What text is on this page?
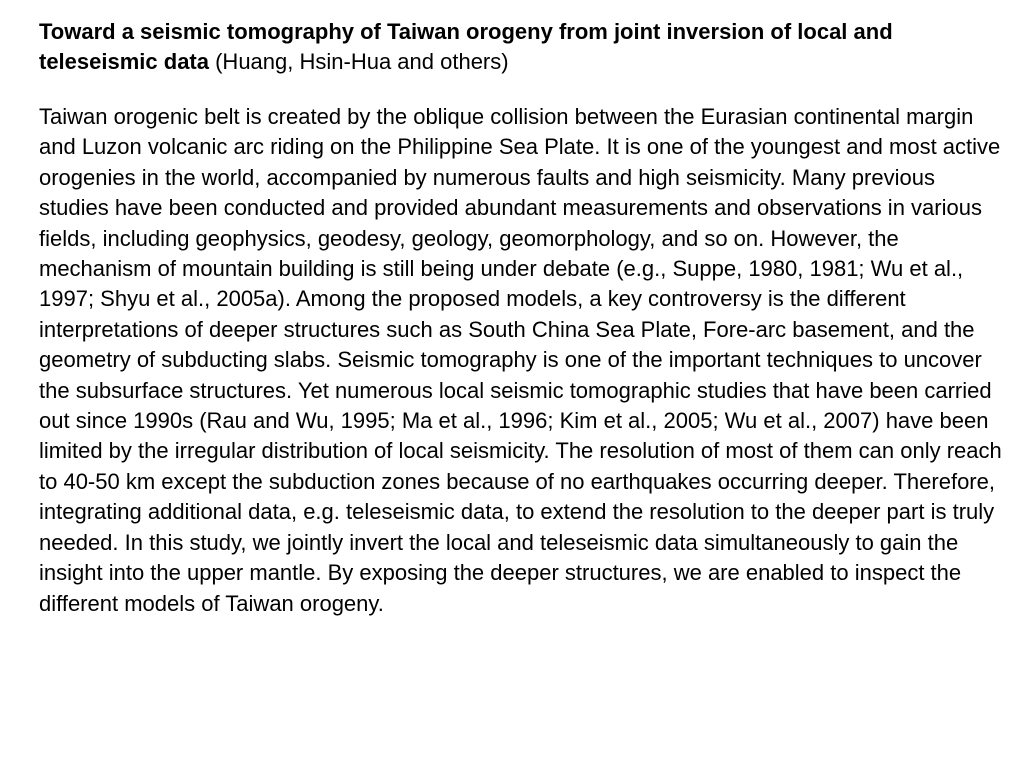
Toward a seismic tomography of Taiwan orogeny from joint inversion of local and teleseismic data (Huang, Hsin-Hua and others)

Taiwan orogenic belt is created by the oblique collision between the Eurasian continental margin and Luzon volcanic arc riding on the Philippine Sea Plate. It is one of the youngest and most active orogenies in the world, accompanied by numerous faults and high seismicity. Many previous studies have been conducted and provided abundant measurements and observations in various fields, including geophysics, geodesy, geology, geomorphology, and so on. However, the mechanism of mountain building is still being under debate (e.g., Suppe, 1980, 1981; Wu et al., 1997; Shyu et al., 2005a). Among the proposed models, a key controversy is the different interpretations of deeper structures such as South China Sea Plate, Fore-arc basement, and the geometry of subducting slabs. Seismic tomography is one of the important techniques to uncover the subsurface structures. Yet numerous local seismic tomographic studies that have been carried out since 1990s (Rau and Wu, 1995; Ma et al., 1996; Kim et al., 2005; Wu et al., 2007) have been limited by the irregular distribution of local seismicity. The resolution of most of them can only reach to 40-50 km except the subduction zones because of no earthquakes occurring deeper. Therefore, integrating additional data, e.g. teleseismic data, to extend the resolution to the deeper part is truly needed. In this study, we jointly invert the local and teleseismic data simultaneously to gain the insight into the upper mantle. By exposing the deeper structures, we are enabled to inspect the different models of Taiwan orogeny.
